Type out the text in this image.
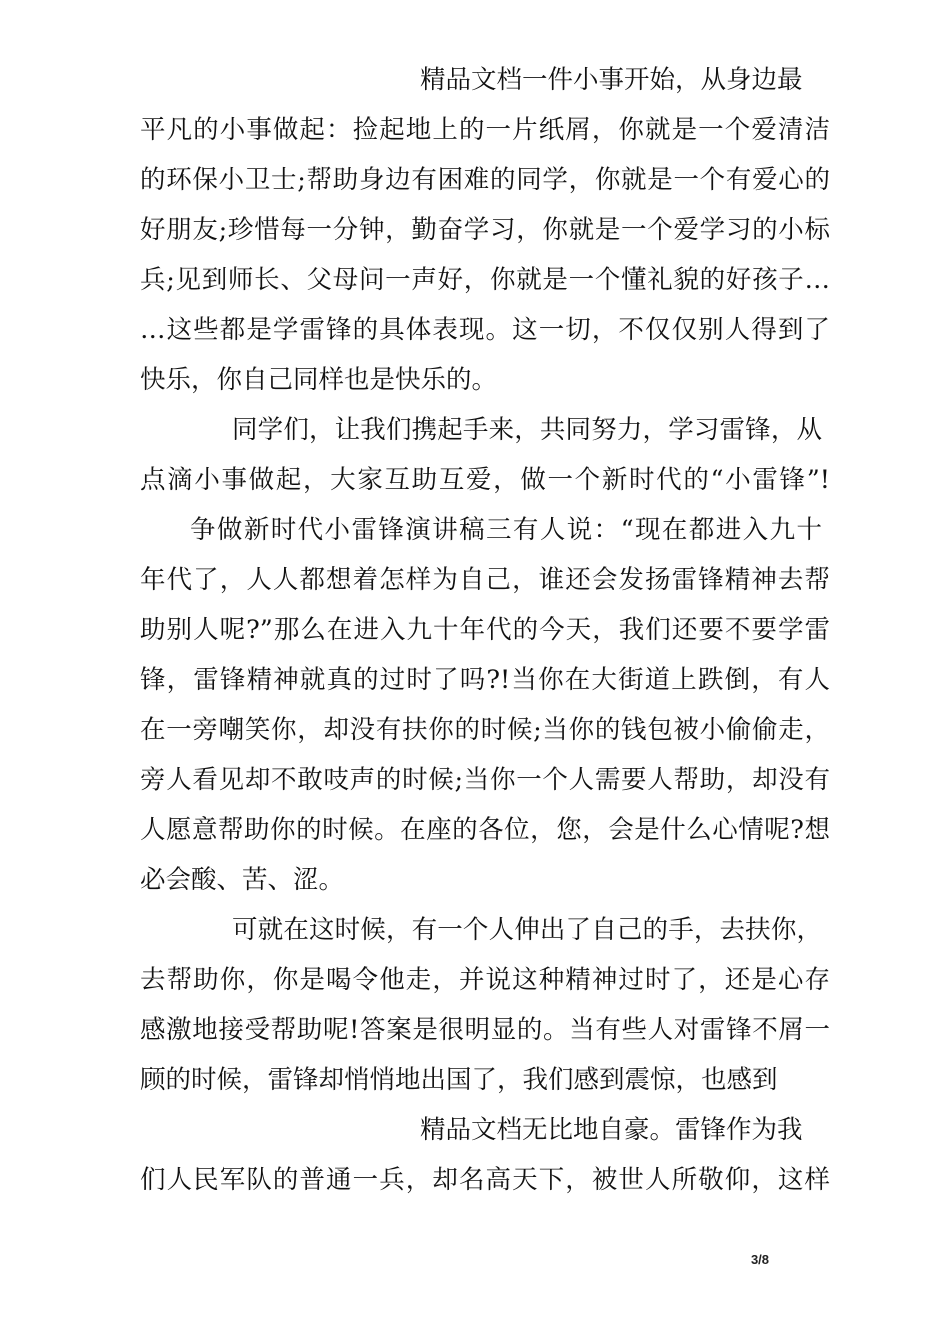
精品文档一件小事开始，从身边最
平凡的小事做起：捡起地上的一片纸屑，你就是一个爱清洁
的环保小卫士;帮助身边有困难的同学，你就是一个有爱心的
好朋友;珍惜每一分钟，勤奋学习，你就是一个爱学习的小标
兵;见到师长、父母问一声好，你就是一个懂礼貌的好孩子…
…这些都是学雷锋的具体表现。这一切，不仅仅别人得到了
快乐，你自己同样也是快乐的。
同学们，让我们携起手来，共同努力，学习雷锋，从
点滴小事做起，大家互助互爱，做一个新时代的“小雷锋”!
争做新时代小雷锋演讲稿三有人说：“现在都进入九十
年代了，人人都想着怎样为自己，谁还会发扬雷锋精神去帮
助别人呢?”那么在进入九十年代的今天，我们还要不要学雷
锋，雷锋精神就真的过时了吗?!当你在大街道上跌倒，有人
在一旁嘲笑你，却没有扶你的时候;当你的钱包被小偷偷走，
旁人看见却不敢吱声的时候;当你一个人需要人帮助，却没有
人愿意帮助你的时候。在座的各位，您，会是什么心情呢?想
必会酸、苦、涩。
可就在这时候，有一个人伸出了自己的手，去扶你，
去帮助你，你是喝令他走，并说这种精神过时了，还是心存
感激地接受帮助呢!答案是很明显的。当有些人对雷锋不屑一
顾的时候，雷锋却悄悄地出国了，我们感到震惊，也感到
精品文档无比地自豪。雷锋作为我
们人民军队的普通一兵，却名高天下，被世人所敬仰，这样
3/8
